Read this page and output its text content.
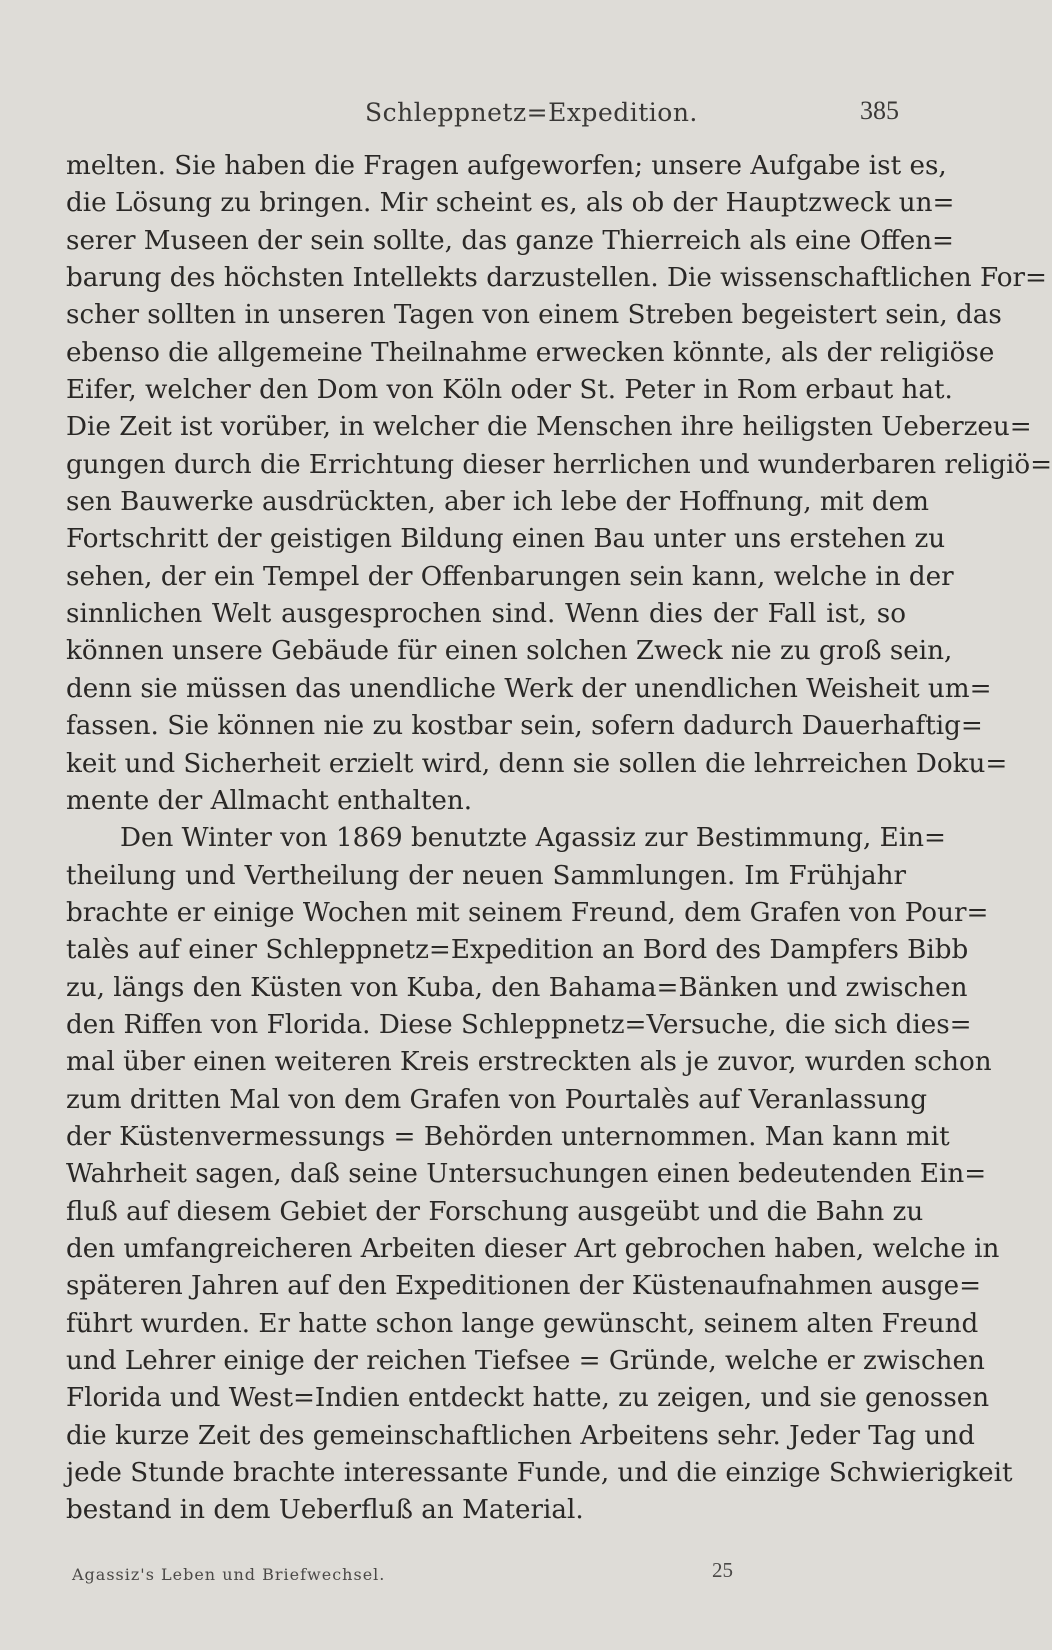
Schleppnetz=Expedition.	385
melten. Sie haben die Fragen aufgeworfen; unsere Aufgabe ist es,
die Lösung zu bringen. Mir scheint es, als ob der Hauptzweck un=
serer Museen der sein sollte, das ganze Thierreich als eine Offen=
barung des höchsten Intellekts darzustellen. Die wissenschaftlichen For=
scher sollten in unseren Tagen von einem Streben begeistert sein, das
ebenso die allgemeine Theilnahme erwecken könnte, als der religiöse
Eifer, welcher den Dom von Köln oder St. Peter in Rom erbaut hat.
Die Zeit ist vorüber, in welcher die Menschen ihre heiligsten Ueberzeu=
gungen durch die Errichtung dieser herrlichen und wunderbaren religiö=
sen Bauwerke ausdrückten, aber ich lebe der Hoffnung, mit dem
Fortschritt der geistigen Bildung einen Bau unter uns erstehen zu
sehen, der ein Tempel der Offenbarungen sein kann, welche in der
sinnlichen Welt ausgesprochen sind. Wenn dies der Fall ist, so
können unsere Gebäude für einen solchen Zweck nie zu groß sein,
denn sie müssen das unendliche Werk der unendlichen Weisheit um=
fassen. Sie können nie zu kostbar sein, sofern dadurch Dauerhaftig=
keit und Sicherheit erzielt wird, denn sie sollen die lehrreichen Doku=
mente der Allmacht enthalten.
Den Winter von 1869 benutzte Agassiz zur Bestimmung, Ein=
theilung und Vertheilung der neuen Sammlungen. Im Frühjahr
brachte er einige Wochen mit seinem Freund, dem Grafen von Pour=
talès auf einer Schleppnetz=Expedition an Bord des Dampfers Bibb
zu, längs den Küsten von Kuba, den Bahama=Bänken und zwischen
den Riffen von Florida. Diese Schleppnetz=Versuche, die sich dies=
mal über einen weiteren Kreis erstreckten als je zuvor, wurden schon
zum dritten Mal von dem Grafen von Pourtalès auf Veranlassung
der Küstenvermessungs = Behörden unternommen. Man kann mit
Wahrheit sagen, daß seine Untersuchungen einen bedeutenden Ein=
fluß auf diesem Gebiet der Forschung ausgeübt und die Bahn zu
den umfangreicheren Arbeiten dieser Art gebrochen haben, welche in
späteren Jahren auf den Expeditionen der Küstenaufnahmen ausge=
führt wurden. Er hatte schon lange gewünscht, seinem alten Freund
und Lehrer einige der reichen Tiefsee = Gründe, welche er zwischen
Florida und West=Indien entdeckt hatte, zu zeigen, und sie genossen
die kurze Zeit des gemeinschaftlichen Arbeitens sehr. Jeder Tag und
jede Stunde brachte interessante Funde, und die einzige Schwierigkeit
bestand in dem Ueberfluß an Material.
Agassiz's Leben und Briefwechsel.	25
